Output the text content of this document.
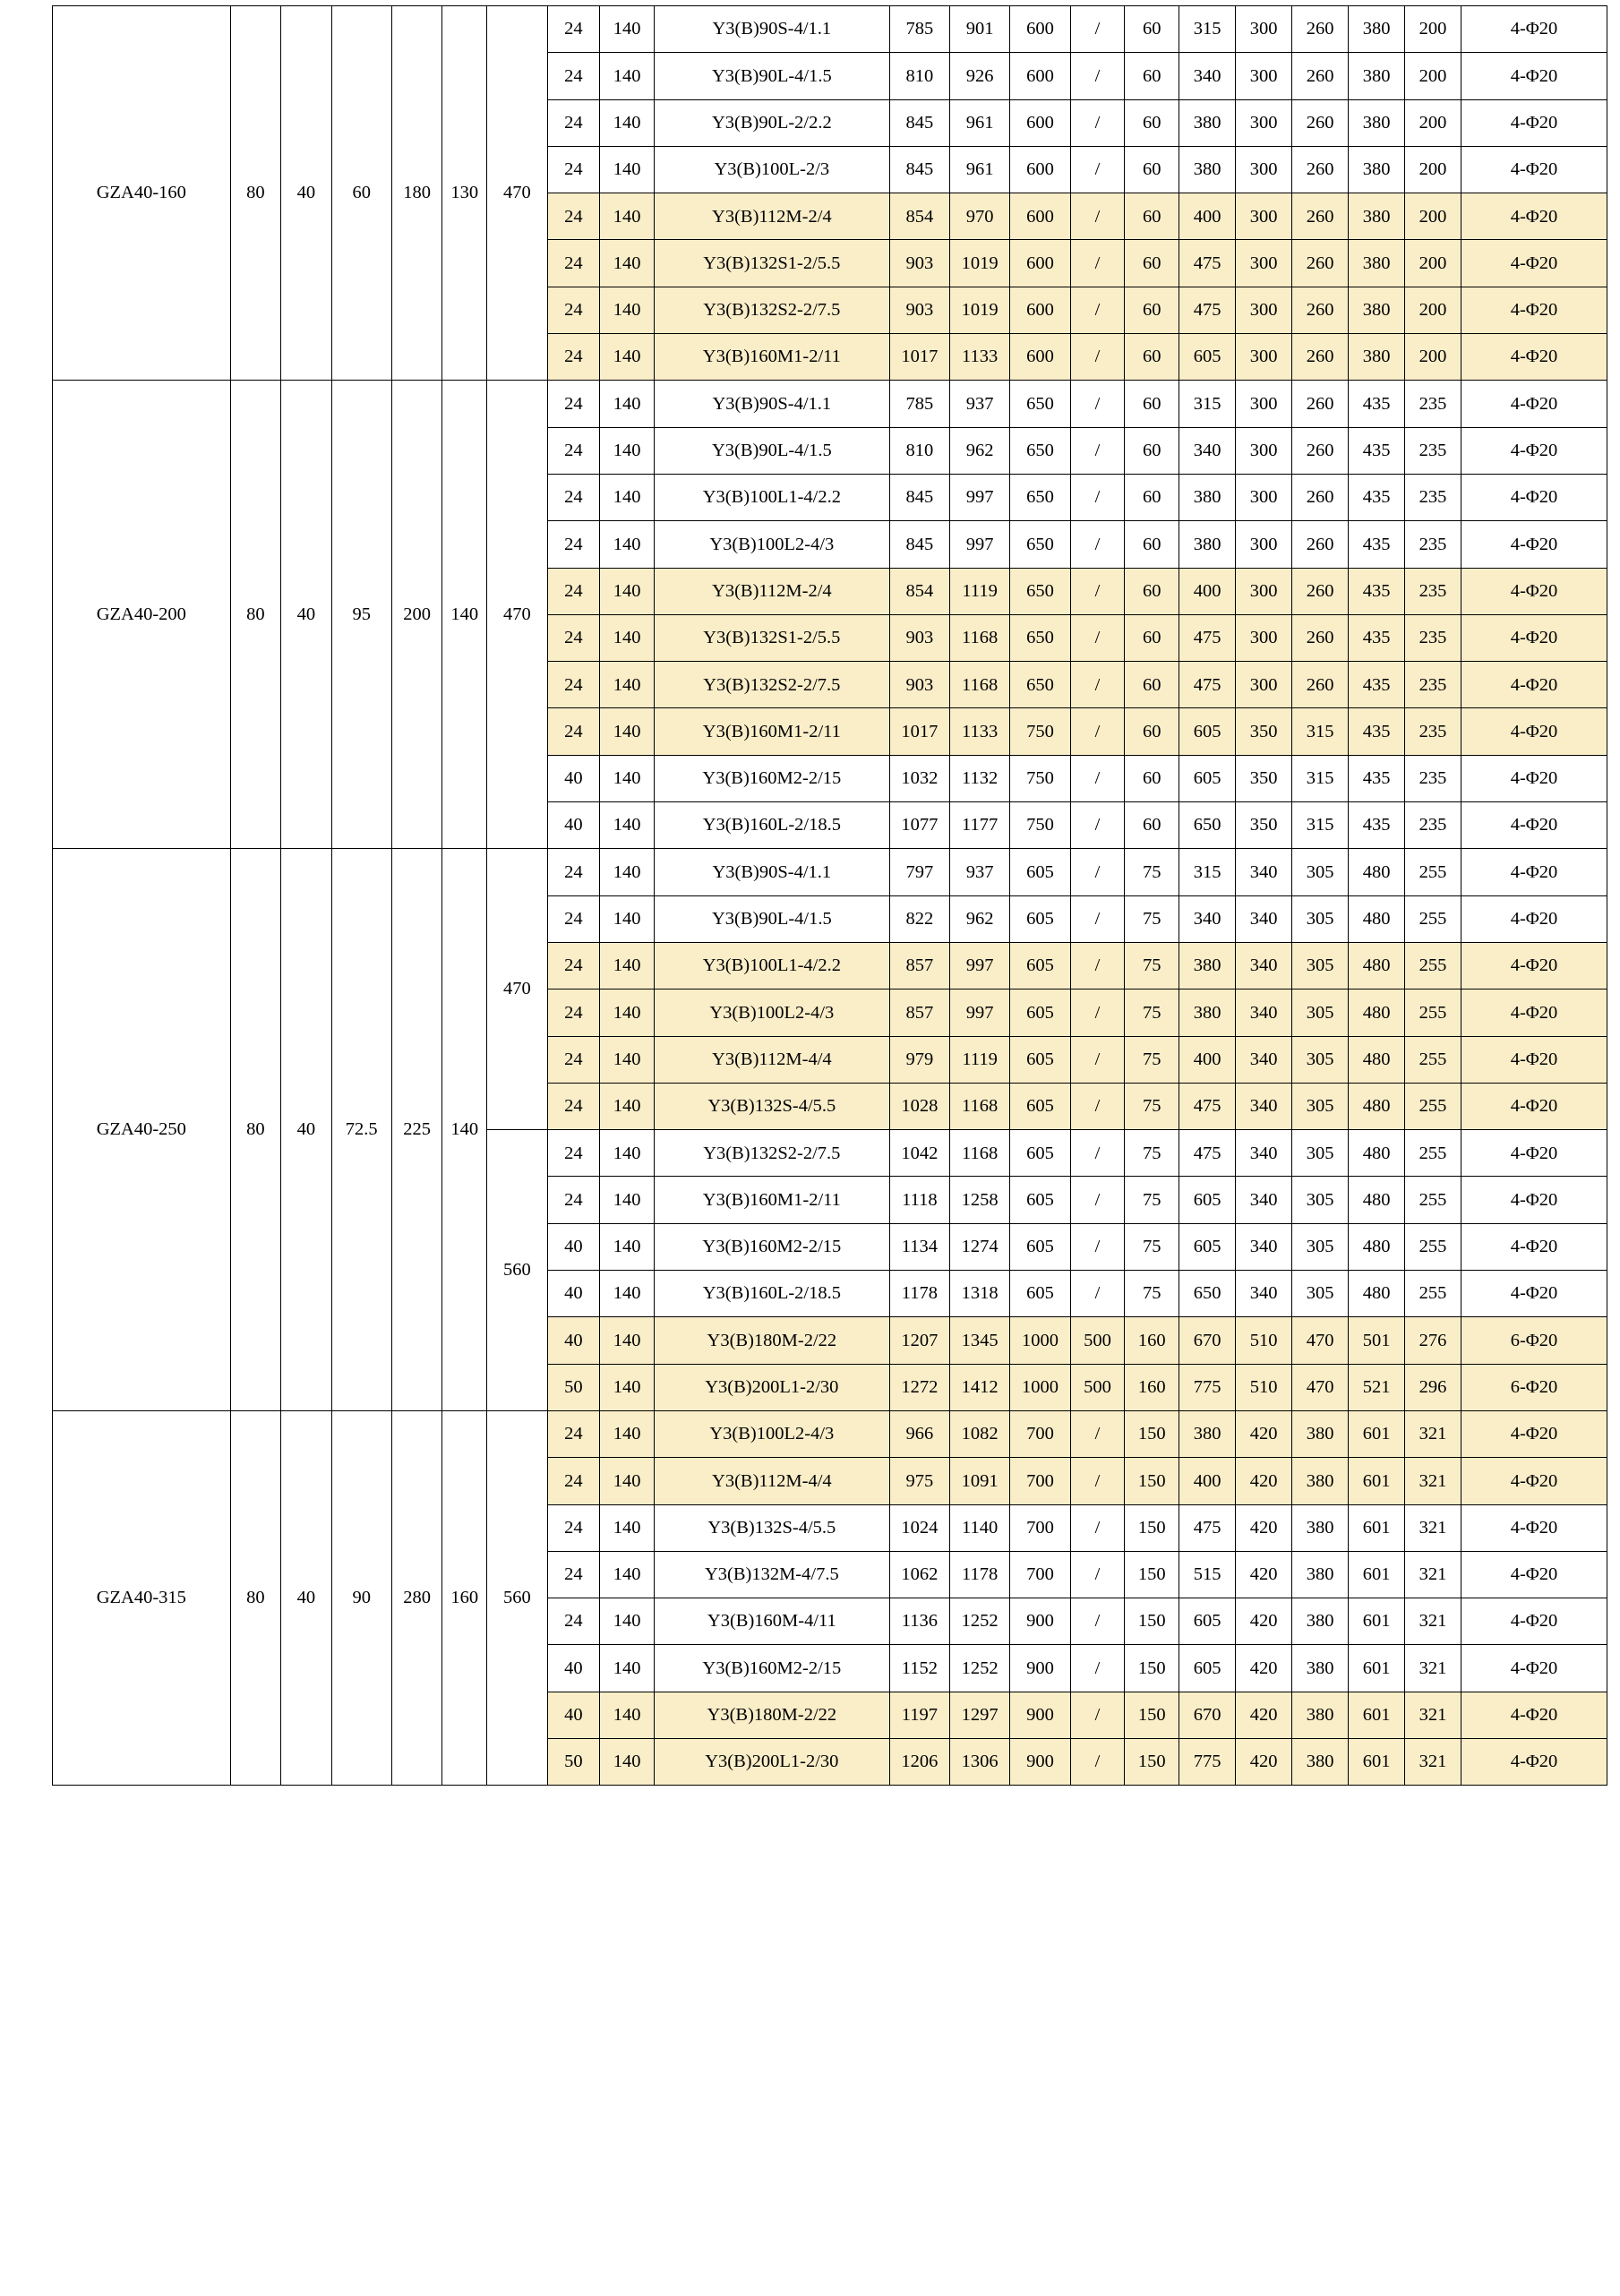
GZA40-160	80	40	60	180	130	470	24	140	Y3(B)90S-4/1.1	785	901	600	/	60	315	300	260	380	200	4-Φ20
							24	140	Y3(B)90L-4/1.5	810	926	600	/	60	340	300	260	380	200	4-Φ20
							24	140	Y3(B)90L-2/2.2	845	961	600	/	60	380	300	260	380	200	4-Φ20
							24	140	Y3(B)100L-2/3	845	961	600	/	60	380	300	260	380	200	4-Φ20
							24	140	Y3(B)112M-2/4	854	970	600	/	60	400	300	260	380	200	4-Φ20
							24	140	Y3(B)132S1-2/5.5	903	1019	600	/	60	475	300	260	380	200	4-Φ20
							24	140	Y3(B)132S2-2/7.5	903	1019	600	/	60	475	300	260	380	200	4-Φ20
							24	140	Y3(B)160M1-2/11	1017	1133	600	/	60	605	300	260	380	200	4-Φ20
GZA40-200	80	40	95	200	140	470	24	140	Y3(B)90S-4/1.1	785	937	650	/	60	315	300	260	435	235	4-Φ20
							24	140	Y3(B)90L-4/1.5	810	962	650	/	60	340	300	260	435	235	4-Φ20
							24	140	Y3(B)100L1-4/2.2	845	997	650	/	60	380	300	260	435	235	4-Φ20
							24	140	Y3(B)100L2-4/3	845	997	650	/	60	380	300	260	435	235	4-Φ20
							24	140	Y3(B)112M-2/4	854	1119	650	/	60	400	300	260	435	235	4-Φ20
							24	140	Y3(B)132S1-2/5.5	903	1168	650	/	60	475	300	260	435	235	4-Φ20
							24	140	Y3(B)132S2-2/7.5	903	1168	650	/	60	475	300	260	435	235	4-Φ20
							24	140	Y3(B)160M1-2/11	1017	1133	750	/	60	605	350	315	435	235	4-Φ20
							40	140	Y3(B)160M2-2/15	1032	1132	750	/	60	605	350	315	435	235	4-Φ20
							40	140	Y3(B)160L-2/18.5	1077	1177	750	/	60	650	350	315	435	235	4-Φ20
GZA40-250	80	40	72.5	225	140	470	24	140	Y3(B)90S-4/1.1	797	937	605	/	75	315	340	305	480	255	4-Φ20
							24	140	Y3(B)90L-4/1.5	822	962	605	/	75	340	340	305	480	255	4-Φ20
							24	140	Y3(B)100L1-4/2.2	857	997	605	/	75	380	340	305	480	255	4-Φ20
							24	140	Y3(B)100L2-4/3	857	997	605	/	75	380	340	305	480	255	4-Φ20
							24	140	Y3(B)112M-4/4	979	1119	605	/	75	400	340	305	480	255	4-Φ20
							24	140	Y3(B)132S-4/5.5	1028	1168	605	/	75	475	340	305	480	255	4-Φ20
						560	24	140	Y3(B)132S2-2/7.5	1042	1168	605	/	75	475	340	305	480	255	4-Φ20
							24	140	Y3(B)160M1-2/11	1118	1258	605	/	75	605	340	305	480	255	4-Φ20
							40	140	Y3(B)160M2-2/15	1134	1274	605	/	75	605	340	305	480	255	4-Φ20
							40	140	Y3(B)160L-2/18.5	1178	1318	605	/	75	650	340	305	480	255	4-Φ20
							40	140	Y3(B)180M-2/22	1207	1345	1000	500	160	670	510	470	501	276	6-Φ20
							50	140	Y3(B)200L1-2/30	1272	1412	1000	500	160	775	510	470	521	296	6-Φ20
GZA40-315	80	40	90	280	160	560	24	140	Y3(B)100L2-4/3	966	1082	700	/	150	380	420	380	601	321	4-Φ20
							24	140	Y3(B)112M-4/4	975	1091	700	/	150	400	420	380	601	321	4-Φ20
							24	140	Y3(B)132S-4/5.5	1024	1140	700	/	150	475	420	380	601	321	4-Φ20
							24	140	Y3(B)132M-4/7.5	1062	1178	700	/	150	515	420	380	601	321	4-Φ20
							24	140	Y3(B)160M-4/11	1136	1252	900	/	150	605	420	380	601	321	4-Φ20
							40	140	Y3(B)160M2-2/15	1152	1252	900	/	150	605	420	380	601	321	4-Φ20
							40	140	Y3(B)180M-2/22	1197	1297	900	/	150	670	420	380	601	321	4-Φ20
							50	140	Y3(B)200L1-2/30	1206	1306	900	/	150	775	420	380	601	321	4-Φ20
